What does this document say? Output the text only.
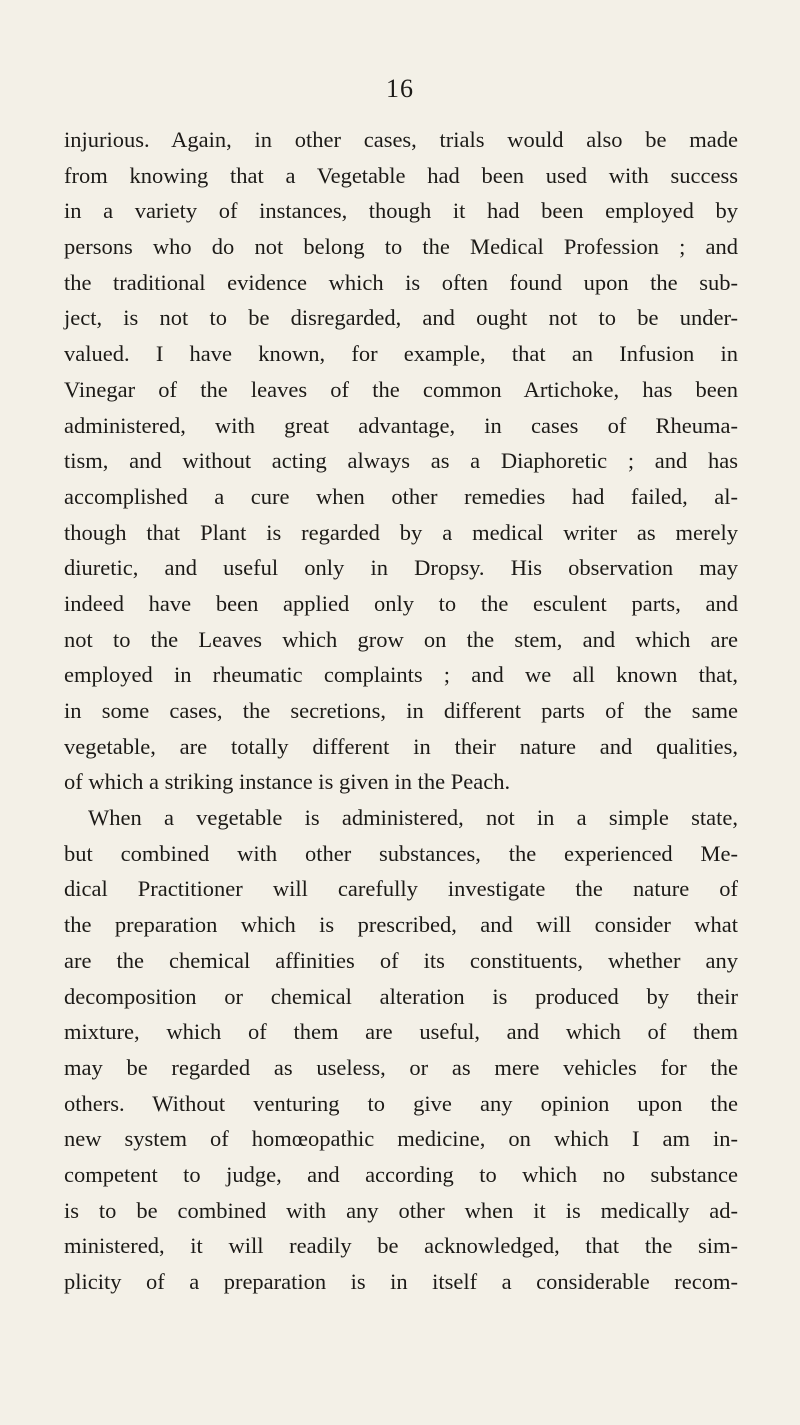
16
injurious. Again, in other cases, trials would also be made
from knowing that a Vegetable had been used with success
in a variety of instances, though it had been employed by
persons who do not belong to the Medical Profession ; and
the traditional evidence which is often found upon the sub-
ject, is not to be disregarded, and ought not to be under-
valued. I have known, for example, that an Infusion in
Vinegar of the leaves of the common Artichoke, has been
administered, with great advantage, in cases of Rheuma-
tism, and without acting always as a Diaphoretic ; and has
accomplished a cure when other remedies had failed, al-
though that Plant is regarded by a medical writer as merely
diuretic, and useful only in Dropsy. His observation may
indeed have been applied only to the esculent parts, and
not to the Leaves which grow on the stem, and which are
employed in rheumatic complaints ; and we all known that,
in some cases, the secretions, in different parts of the same
vegetable, are totally different in their nature and qualities,
of which a striking instance is given in the Peach.
When a vegetable is administered, not in a simple state,
but combined with other substances, the experienced Me-
dical Practitioner will carefully investigate the nature of
the preparation which is prescribed, and will consider what
are the chemical affinities of its constituents, whether any
decomposition or chemical alteration is produced by their
mixture, which of them are useful, and which of them
may be regarded as useless, or as mere vehicles for the
others. Without venturing to give any opinion upon the
new system of homœopathic medicine, on which I am in-
competent to judge, and according to which no substance
is to be combined with any other when it is medically ad-
ministered, it will readily be acknowledged, that the sim-
plicity of a preparation is in itself a considerable recom-
